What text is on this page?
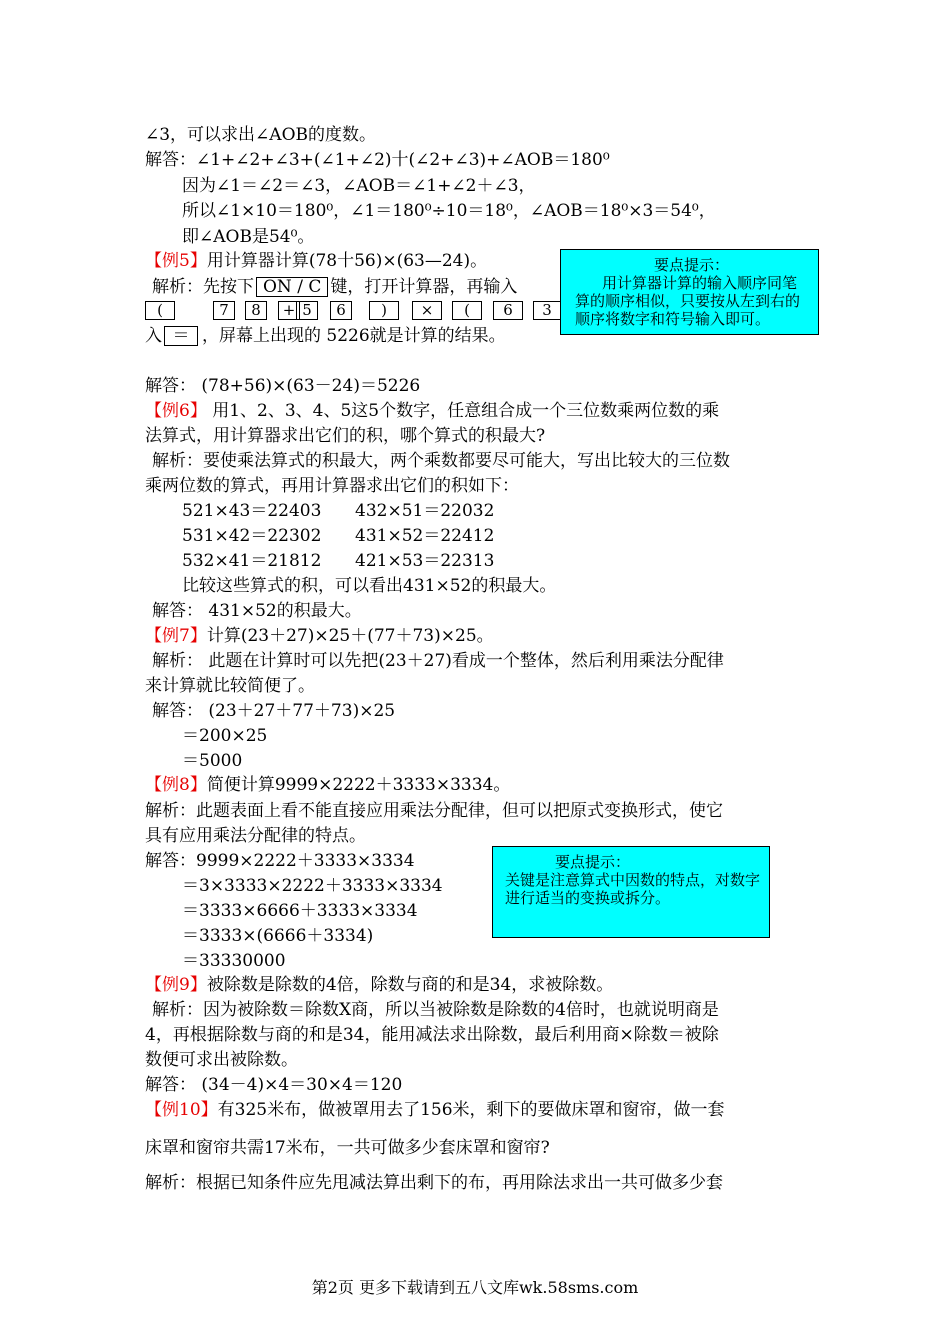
∠3，可以求出∠AOB的度数。
解答：∠1+∠2+∠3+(∠1+∠2)十(∠2+∠3)+∠AOB＝180⁰
因为∠1＝∠2＝∠3，∠AOB＝∠1+∠2＋∠3，
所以∠1×10＝180⁰，∠1＝180⁰÷10＝18⁰，∠AOB＝18⁰×3＝54⁰，
即∠AOB是54⁰。
【例5】用计算器计算(78十56)×(63—24)。
解析：先按下 ON / C 键，打开计算器，再输入
(	7	8	+ 5	6	)	×	(	6	3
入 ＝ ，屏幕上出现的 5226就是计算的结果。
要点提示：
用计算器计算的输入顺序同笔算的顺序相似，只要按从左到右的顺序将数字和符号输入即可。
解答： (78+56)×(63－24)＝5226
【例6】 用1、2、3、4、5这5个数字，任意组合成一个三位数乘两位数的乘
法算式，用计算器求出它们的积，哪个算式的积最大?
解析：要使乘法算式的积最大，两个乘数都要尽可能大，写出比较大的三位数
乘两位数的算式，再用计算器求出它们的积如下：
521×43＝22403 432×51＝22032
531×42＝22302 431×52＝22412
532×41＝21812 421×53＝22313
比较这些算式的积，可以看出431×52的积最大。
解答： 431×52的积最大。
【例7】计算(23＋27)×25＋(77＋73)×25。
解析： 此题在计算时可以先把(23＋27)看成一个整体，然后利用乘法分配律
来计算就比较简便了。
解答： (23＋27＋77＋73)×25
＝200×25
＝5000
【例8】简便计算9999×2222＋3333×3334。
解析：此题表面上看不能直接应用乘法分配律，但可以把原式变换形式，使它
具有应用乘法分配律的特点。
解答：9999×2222＋3333×3334
＝3×3333×2222＋3333×3334
＝3333×6666＋3333×3334
＝3333×(6666＋3334)
＝33330000
要点提示：
关键是注意算式中因数的特点，对数字进行适当的变换或拆分。
【例9】被除数是除数的4倍，除数与商的和是34，求被除数。
解析：因为被除数＝除数X商，所以当被除数是除数的4倍时，也就说明商是
4，再根据除数与商的和是34，能用减法求出除数，最后利用商×除数＝被除
数便可求出被除数。
解答： (34－4)×4＝30×4＝120
【例10】有325米布，做被罩用去了156米，剩下的要做床罩和窗帘，做一套
床罩和窗帘共需17米布，一共可做多少套床罩和窗帘?
解析：根据已知条件应先甩减法算出剩下的布，再用除法求出一共可做多少套
第2页 更多下载请到五八文库wk.58sms.com
